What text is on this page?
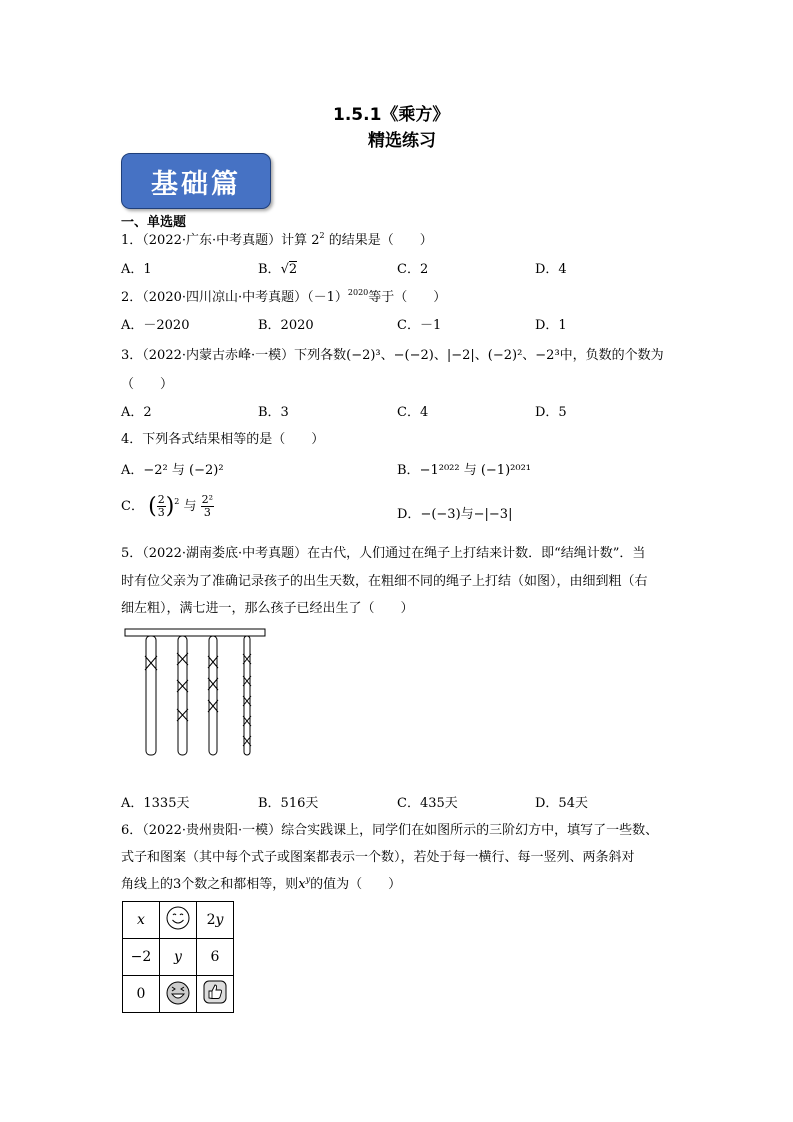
1.5.1《乘方》
精选练习
基础篇
一、单选题
1．（2022·广东·中考真题）计算 $2^2$ 的结果是（　　）
A．1	B．√2	C．2	D．4
2．（2020·四川凉山·中考真题）$(-1)^{2020}$等于（　　）
A．－2020	B．2020	C．－1	D．1
3．（2022·内蒙古赤峰·一模）下列各数(−2)³、−(−2)、|−2|、(−2)²、−2³中，负数的个数为
（　　）
A．2	B．3	C．4	D．5
4．下列各式结果相等的是（　　）
A．−2² 与 (−2)²	B．−1²⁰²² 与 (−1)²⁰²¹
C． ( $\frac{2}{3} )^2$ 与 $\frac{\text{2²}}{3}$	D．−(−3)与−|−3|
5．（2022·湖南娄底·中考真题）在古代，人们通过在绳子上打结来计数．即“结绳计数”．当
时有位父亲为了准确记录孩子的出生天数，在粗细不同的绳子上打结（如图），由细到粗（右
细左粗），满七进一，那么孩子已经出生了（　　）
A．1335天	B．516天	C．435天	D．54天
6．（2022·贵州贵阳·一模）综合实践课上，同学们在如图所示的三阶幻方中，填写了一些数、
式子和图案（其中每个式子或图案都表示一个数），若处于每一横行、每一竖列、两条斜对
角线上的3个数之和都相等，则$x^y$的值为（　　）
x		2y
−2	y	6
0		
